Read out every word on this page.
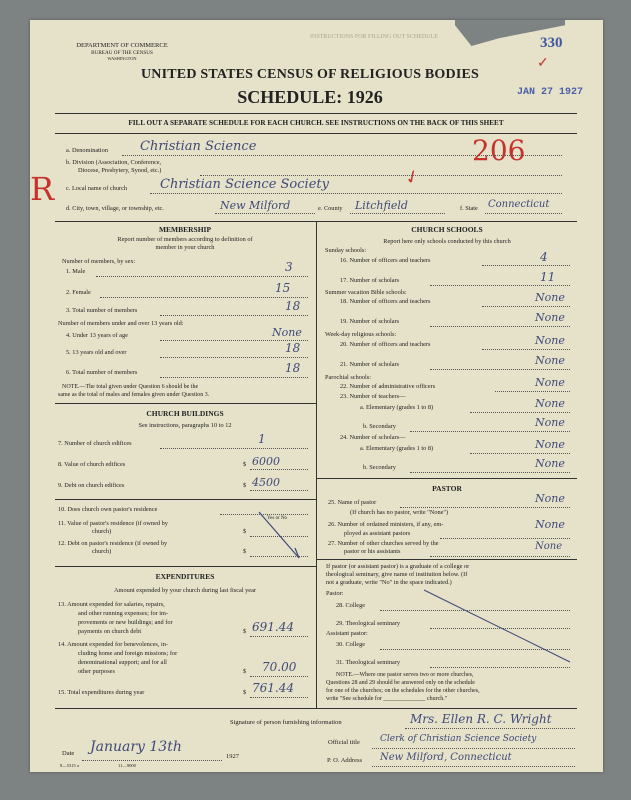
DEPARTMENT OF COMMERCE
BUREAU OF THE CENSUS
WASHINGTON
INSTRUCTIONS FOR FILLING OUT SCHEDULE	330
JAN 27 1927
✓
UNITED STATES CENSUS OF RELIGIOUS BODIES
SCHEDULE: 1926
FILL OUT A SEPARATE SCHEDULE FOR EACH CHURCH. SEE INSTRUCTIONS ON THE BACK OF THIS SHEET
R
206
✓
a. Denomination Christian Science
b. Division (Association, Conference,
Diocese, Presbytery, Synod, etc.)
c. Local name of church	Christian Science Society
d. City, town, village, or township, etc.	New Milford	e. County Litchfield	f. State Connecticut
MEMBERSHIP
Report number of members according to definition of
member in your church
Number of members, by sex:
1. Male	3
2. Female	15
3. Total number of members	18
Number of members under and over 13 years old:
4. Under 13 years of age	None
5. 13 years old and over	18
6. Total number of members	18
NOTE.—The total given under Question 6 should be the
same as the total of males and females given under Question 3.
CHURCH BUILDINGS
See instructions, paragraphs 10 to 12
7. Number of church edifices	1
8. Value of church edifices	$ 6000
9. Debt on church edifices	$ 4500
10. Does church own pastor's residence
Yes or No
11. Value of pastor's residence (if owned by
church)	$
12. Debt on pastor's residence (if owned by
church)	$
EXPENDITURES
Amount expended by your church during last fiscal year
13. Amount expended for salaries, repairs,
and other running expenses; for im-
provements or new buildings; and for
payments on church debt	$ 691.44
14. Amount expended for benevolences, in-
cluding home and foreign missions; for
denominational support; and for all
other purposes	$ 70.00
15. Total expenditures during year	$ 761.44
CHURCH SCHOOLS
Report here only schools conducted by this church
Sunday schools:
16. Number of officers and teachers	4
17. Number of scholars	11
Summer vacation Bible schools:
18. Number of officers and teachers	None
19. Number of scholars	None
Week-day religious schools:
20. Number of officers and teachers	None
21. Number of scholars	None
Parochial schools:
22. Number of administrative officers	None
23. Number of teachers—
a. Elementary (grades 1 to 8)	None
b. Secondary	None
24. Number of scholars—
a. Elementary (grades 1 to 8)	None
b. Secondary	None
PASTOR
25. Name of pastor	None
(If church has no pastor, write "None")
26. Number of ordained ministers, if any, em-
ployed as assistant pastors
None
27. Number of other churches served by the
pastor or his assistants	None
If pastor (or assistant pastor) is a graduate of a college or
theological seminary, give name of institution below. (If
not a graduate, write "No" in the space indicated.)
Pastor:
28. College
29. Theological seminary
Assistant pastor:
30. College
31. Theological seminary
NOTE.—Where one pastor serves two or more churches,
Questions 28 and 29 should be answered only on the schedule
for one of the churches; on the schedules for the other churches,
write "See schedule for ______________ church."
Signature of person furnishing information	Mrs. Ellen R. C. Wright
Official title Clerk of Christian Science Society
P. O. Address New Milford, Connecticut
Date January 13th
1927
8—5315 a	11—9000
